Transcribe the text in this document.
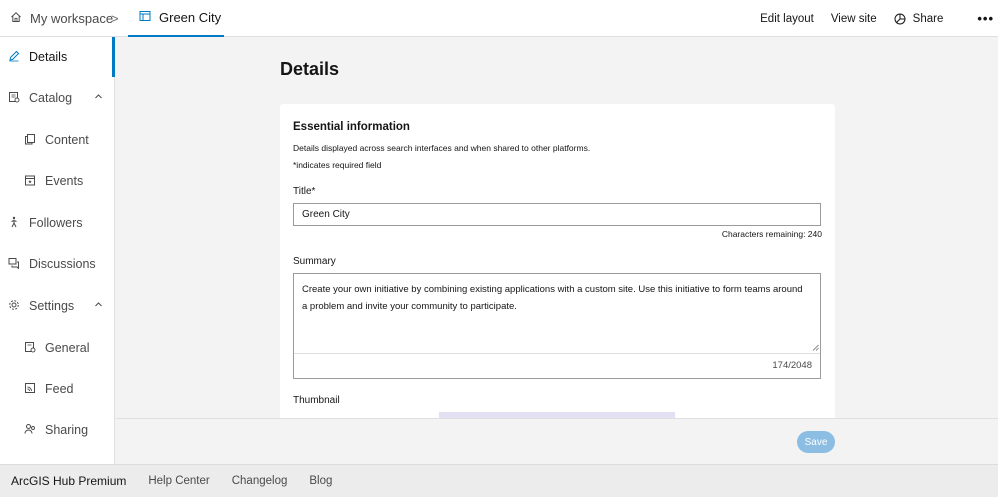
My workspace
>	Green City	Edit layout View site	Share	•••
Details
Catalog
Content
Events
Followers
Discussions
Settings
General
Feed
Sharing
Details
Essential information
Details displayed across search interfaces and when shared to other platforms.
*indicates required field
Title*
Green City
Characters remaining: 240
Summary
Create your own initiative by combining existing applications with a custom site. Use this initiative to form teams around a problem and invite your community to participate.
174/2048
Thumbnail
Save
ArcGIS Hub Premium Help Center Changelog Blog
